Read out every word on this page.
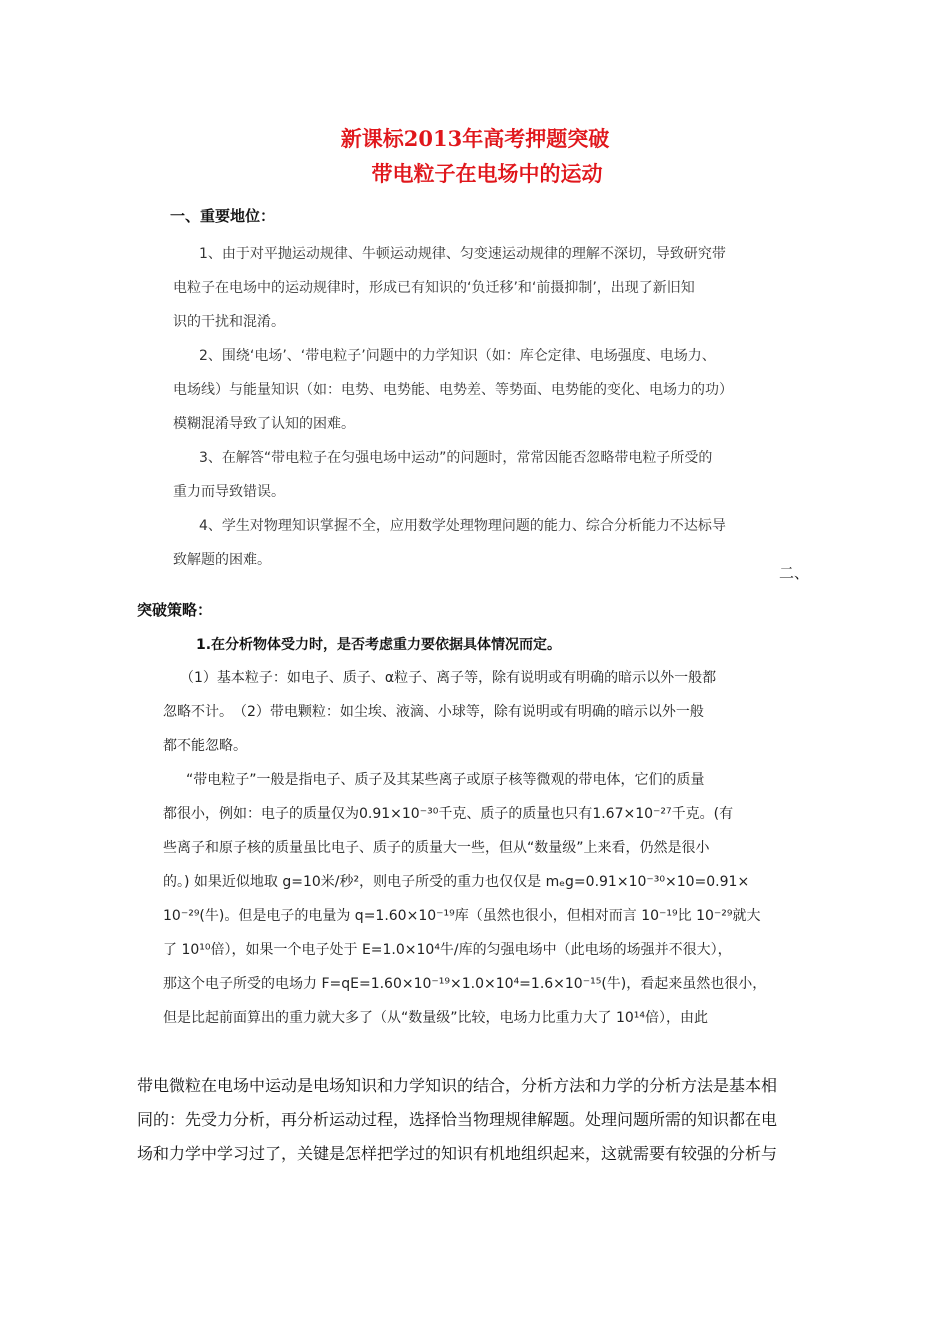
新课标2013年高考押题突破
带电粒子在电场中的运动
一、重要地位：
1、由于对平抛运动规律、牛顿运动规律、匀变速运动规律的理解不深切，导致研究带
电粒子在电场中的运动规律时，形成已有知识的‘负迁移’和‘前摄抑制’，出现了新旧知
识的干扰和混淆。
2、围绕‘电场’、‘带电粒子’问题中的力学知识（如：库仑定律、电场强度、电场力、
电场线）与能量知识（如：电势、电势能、电势差、等势面、电势能的变化、电场力的功）
模糊混淆导致了认知的困难。
3、在解答“带电粒子在匀强电场中运动”的问题时，常常因能否忽略带电粒子所受的
重力而导致错误。
4、学生对物理知识掌握不全，应用数学处理物理问题的能力、综合分析能力不达标导
致解题的困难。
二、
突破策略：
1.在分析物体受力时，是否考虑重力要依据具体情况而定。
（1）基本粒子：如电子、质子、α粒子、离子等，除有说明或有明确的暗示以外一般都
忽略不计。　（2）带电颗粒：如尘埃、液滴、小球等，除有说明或有明确的暗示以外一般
都不能忽略。
“带电粒子”一般是指电子、质子及其某些离子或原子核等微观的带电体，它们的质量
都很小，例如：电子的质量仅为0.91×10⁻³⁰千克、质子的质量也只有1.67×10⁻²⁷千克。(有
些离子和原子核的质量虽比电子、质子的质量大一些，但从“数量级”上来看，仍然是很小
的。) 如果近似地取 g=10米/秒²，则电子所受的重力也仅仅是 mₑg=0.91×10⁻³⁰×10=0.91×
10⁻²⁹(牛)。但是电子的电量为 q=1.60×10⁻¹⁹库（虽然也很小，但相对而言 10⁻¹⁹比 10⁻²⁹就大
了 10¹⁰倍），如果一个电子处于 E=1.0×10⁴牛/库的匀强电场中（此电场的场强并不很大），
那这个电子所受的电场力 F=qE=1.60×10⁻¹⁹×1.0×10⁴=1.6×10⁻¹⁵(牛)，看起来虽然也很小，
但是比起前面算出的重力就大多了（从“数量级”比较，电场力比重力大了 10¹⁴倍），由此
带电微粒在电场中运动是电场知识和力学知识的结合，分析方法和力学的分析方法是基本相
同的：先受力分析，再分析运动过程，选择恰当物理规律解题。处理问题所需的知识都在电
场和力学中学习过了，关键是怎样把学过的知识有机地组织起来，这就需要有较强的分析与
